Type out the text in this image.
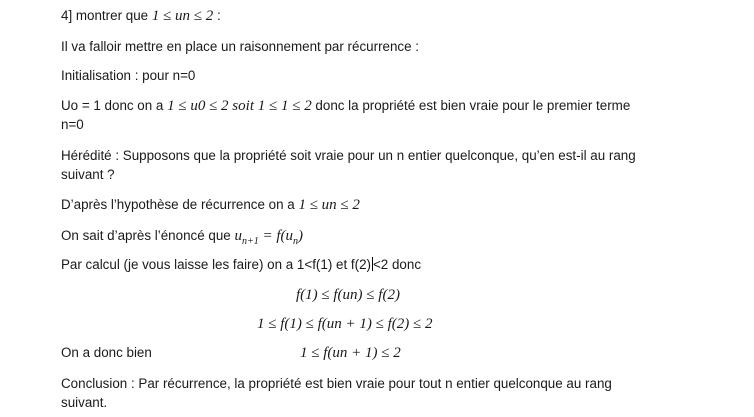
4] montrer que 1 ≤ un ≤ 2 :
Il va falloir mettre en place un raisonnement par récurrence :
Initialisation : pour n=0
Uo = 1 donc on a 1 ≤ u0 ≤ 2 soit 1 ≤ 1 ≤ 2 donc la propriété est bien vraie pour le premier terme
n=0
Hérédité : Supposons que la propriété soit vraie pour un n entier quelconque, qu’en est-il au rang
suivant ?
D’après l’hypothèse de récurrence on a 1 ≤ un ≤ 2
On sait d’après l’énoncé que $u_{n+1} = f(u_n)$
Par calcul (je vous laisse les faire) on a 1<f(1) et f(2) <2 donc
f(1) ≤ f(un) ≤ f(2)
1 ≤ f(1) ≤ f(un + 1) ≤ f(2) ≤ 2
On a donc bien	1 ≤ f(un + 1) ≤ 2
Conclusion : Par récurrence, la propriété est bien vraie pour tout n entier quelconque au rang
suivant.
